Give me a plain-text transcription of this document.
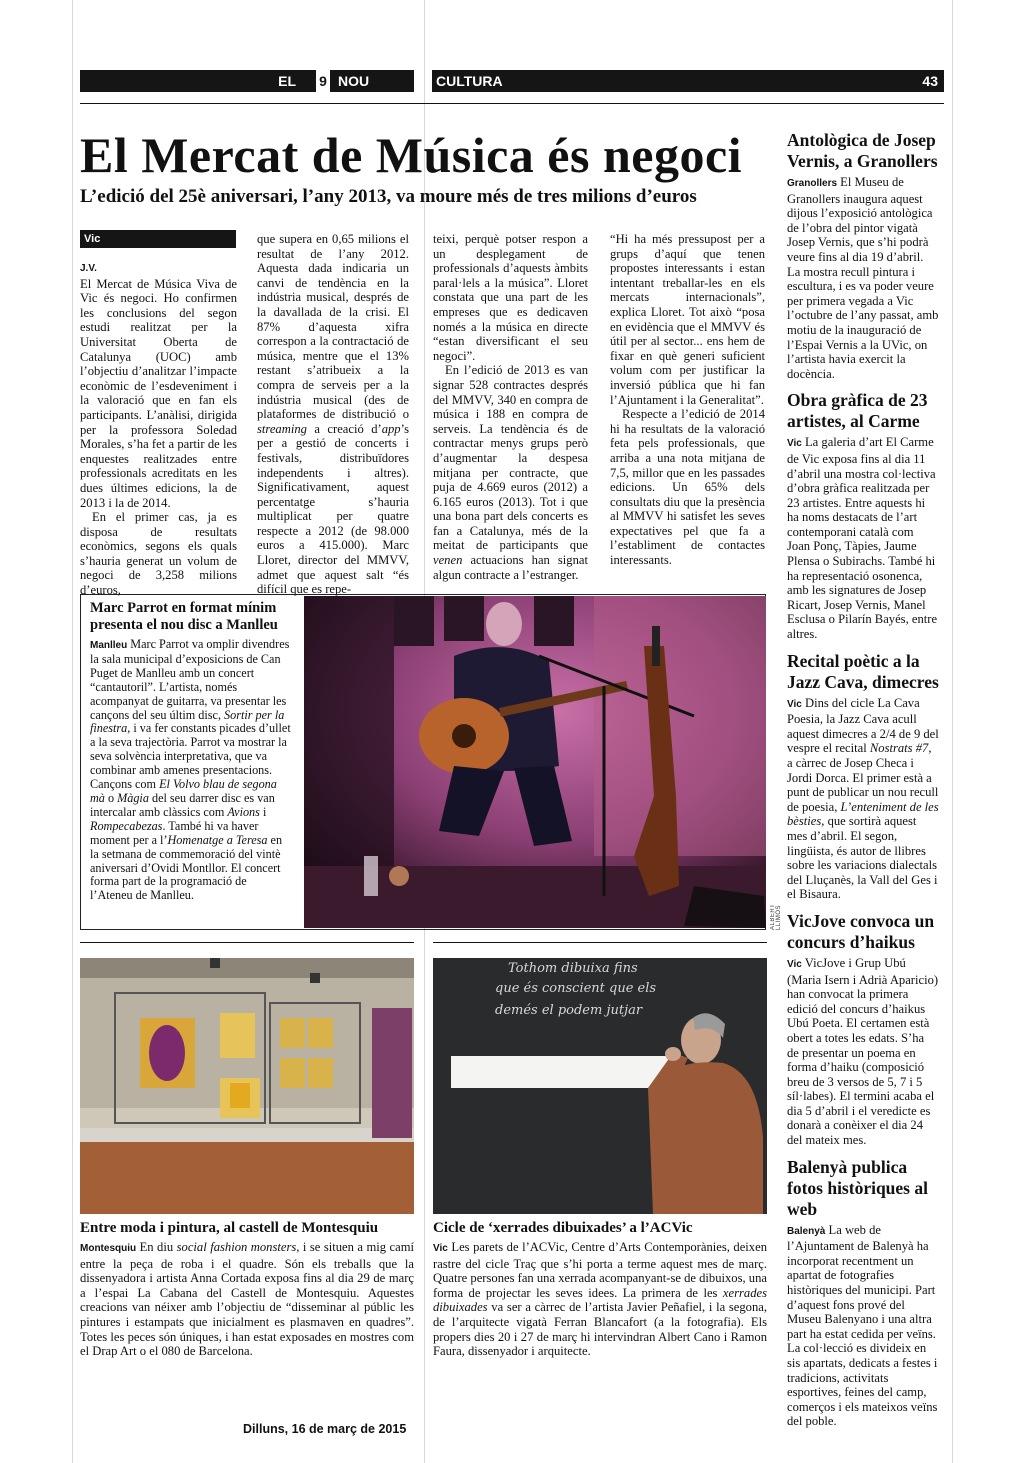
EL 9 NOU	CULTURA	43
El Mercat de Música és negoci
L’edició del 25è aniversari, l’any 2013, va moure més de tres milions d’euros
Vic
J.V.

El Mercat de Música Viva de Vic és negoci. Ho confirmen les conclusions del segon estudi realitzat per la Universitat Oberta de Catalunya (UOC) amb l’objectiu d’analitzar l’impacte econòmic de l’esdeveniment i la valoració que en fan els participants. L’anàlisi, dirigida per la professora Soledad Morales, s’ha fet a partir de les enquestes realitzades entre professionals acreditats en les dues últimes edicions, la de 2013 i la de 2014.

En el primer cas, ja es disposa de resultats econòmics, segons els quals s’hauria generat un volum de negoci de 3,258 milions d’euros,

que supera en 0,65 milions el resultat de l’any 2012. Aquesta dada indicaria un canvi de tendència en la indústria musical, després de la davallada de la crisi. El 87% d’aquesta xifra correspon a la contractació de música, mentre que el 13% restant s’atribueix a la compra de serveis per a la indústria musical (des de plataformes de distribució o streaming a creació d’app’s per a gestió de concerts i festivals, distribuïdores independents i altres). Significativament, aquest percentatge s’hauria multiplicat per quatre respecte a 2012 (de 98.000 euros a 415.000). Marc Lloret, director del MMVV, admet que aquest salt “és difícil que es repe-

teixi, perquè potser respon a un desplegament de professionals d’aquests àmbits paral·lels a la música”. Lloret constata que una part de les empreses que es dedicaven només a la música en directe “estan diversificant el seu negoci”.

En l’edició de 2013 es van signar 528 contractes després del MMVV, 340 en compra de música i 188 en compra de serveis. La tendència és de contractar menys grups però d’augmentar la despesa mitjana per contracte, que puja de 4.669 euros (2012) a 6.165 euros (2013). Tot i que una bona part dels concerts es fan a Catalunya, més de la meitat de participants que venen actuacions han signat algun contracte a l’estranger.

“Hi ha més pressupost per a grups d’aquí que tenen propostes interessants i estan intentant treballar-les en els mercats internacionals”, explica Lloret. Tot això “posa en evidència que el MMVV és útil per al sector... ens hem de fixar en què generi suficient volum com per justificar la inversió pública que hi fan l’Ajuntament i la Generalitat”.

Respecte a l’edició de 2014 hi ha resultats de la valoració feta pels professionals, que arriba a una nota mitjana de 7,5, millor que en les passades edicions. Un 65% dels consultats diu que la presència al MMVV hi satisfet les seves expectatives pel que fa a l’establiment de contactes interessants.

Marc Parrot en format mínim presenta el nou disc a Manlleu

Manlleu Marc Parrot va omplir divendres la sala municipal d’exposicions de Can Puget de Manlleu amb un concert “cantautoril”. L’artista, només acompanyat de guitarra, va presentar les cançons del seu últim disc, Sortir per la finestra, i va fer constants picades d’ullet a la seva trajectòria. Parrot va mostrar la seva solvència interpretativa, que va combinar amb amenes presentacions. Cançons com El Volvo blau de segona mà o Màgia del seu darrer disc es van intercalar amb clàssics com Avions i Rompecabezas. També hi va haver moment per a l’Homenatge a Teresa en la setmana de commemoració del vintè aniversari d’Ovidi Montllor. El concert forma part de la programació de l’Ateneu de Manlleu.

ALBERT LLIMÓS
Antològica de Josep Vernis, a Granollers

Granollers El Museu de Granollers inaugura aquest dijous l’exposició antològica de l’obra del pintor vigatà Josep Vernis, que s’hi podrà veure fins al dia 19 d’abril. La mostra recull pintura i escultura, i es va poder veure per primera vegada a Vic l’octubre de l’any passat, amb motiu de la inauguració de l’Espai Vernis a la UVic, on l’artista havia exercit la docència.

Obra gràfica de 23 artistes, al Carme

Vic La galeria d’art El Carme de Vic exposa fins al dia 11 d’abril una mostra col·lectiva d’obra gràfica realitzada per 23 artistes. Entre aquests hi ha noms destacats de l’art contemporani català com Joan Ponç, Tàpies, Jaume Plensa o Subirachs. També hi ha representació osonenca, amb les signatures de Josep Ricart, Josep Vernis, Manel Esclusa o Pilarín Bayés, entre altres.

Recital poètic a la Jazz Cava, dimecres

Vic Dins del cicle La Cava Poesia, la Jazz Cava acull aquest dimecres a 2/4 de 9 del vespre el recital Nostrats #7, a càrrec de Josep Checa i Jordi Dorca. El primer està a punt de publicar un nou recull de poesia, L’enteniment de les bèsties, que sortirà aquest mes d’abril. El segon, lingüista, és autor de llibres sobre les variacions dialectals del Lluçanès, la Vall del Ges i el Bisaura.

VicJove convoca un concurs d’haikus

Vic VicJove i Grup Ubú (Maria Isern i Adrià Aparicio) han convocat la primera edició del concurs d’haikus Ubú Poeta. El certamen està obert a totes les edats. S’ha de presentar un poema en forma d’haiku (composició breu de 3 versos de 5, 7 i 5 síl·labes). El termini acaba el dia 5 d’abril i el veredicte es donarà a conèixer el dia 24 del mateix mes.

Balenyà publica fotos històriques al web

Balenyà La web de l’Ajuntament de Balenyà ha incorporat recentment un apartat de fotografies històriques del municipi. Part d’aquest fons prové del Museu Balenyano i una altra part ha estat cedida per veïns. La col·lecció es divideix en sis apartats, dedicats a festes i tradicions, activitats esportives, feines del camp, comerços i els mateixos veïns del poble.

Tothom dibuixa fins
que és conscient que els
demés el podem jutjar
Entre moda i pintura, al castell de Montesquiu

Montesquiu En diu social fashion monsters, i se situen a mig camí entre la peça de roba i el quadre. Són els treballs que la dissenyadora i artista Anna Cortada exposa fins al dia 29 de març a l’espai La Cabana del Castell de Montesquiu. Aquestes creacions van néixer amb l’objectiu de “disseminar al públic les pintures i estampats que inicialment es plasmaven en quadres”. Totes les peces són úniques, i han estat exposades en mostres com el Drap Art o el 080 de Barcelona.

Cicle de ‘xerrades dibuixades’ a l’ACVic

Vic Les parets de l’ACVic, Centre d’Arts Contemporànies, deixen rastre del cicle Traç que s’hi porta a terme aquest mes de març. Quatre persones fan una xerrada acompanyant-se de dibuixos, una forma de projectar les seves idees. La primera de les xerrades dibuixades va ser a càrrec de l’artista Javier Peñafiel, i la segona, de l’arquitecte vigatà Ferran Blancafort (a la fotografia). Els propers dies 20 i 27 de març hi intervindran Albert Cano i Ramon Faura, dissenyador i arquitecte.

Dilluns, 16 de març de 2015
